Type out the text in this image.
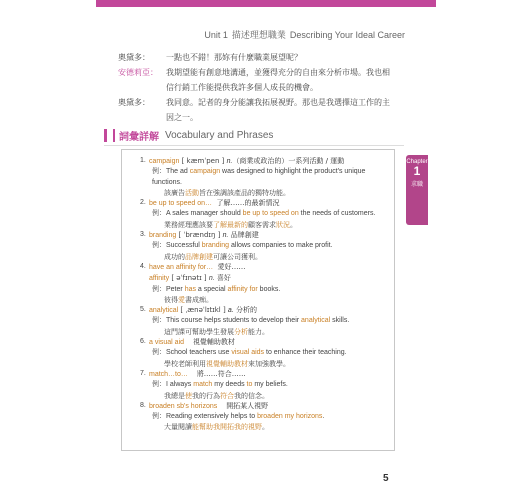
Unit 1 描述理想職業 Describing Your Ideal Career
奧黛多：	一點也不錯！那妳有什麼職業展望呢？
安德莉亞：	我期望能有創意地溝通，並獲得充分的自由來分析市場。我也相
信行銷工作能提供我許多個人成長的機會。
奧黛多：	我同意。記者的身分能讓我拓展視野。那也是我選擇這工作的主
因之一。
詞彙詳解 Vocabulary and Phrases
1. campaign [ kæmˈpen ] n.（商業或政治的）一系列活動 / 運動
例：The ad campaign was designed to highlight the product's unique functions.
該廣告活動旨在強調該產品的獨特功能。
2. be up to speed on… 了解……的最新情況
例：A sales manager should be up to speed on the needs of customers.
業務經理應該要了解最新的顧客需求狀況。
3. branding [ ˈbrændɪŋ ] n. 品牌創建
例：Successful branding allows companies to make profit.
成功的品牌創建可讓公司獲利。
4. have an affinity for… 愛好……
affinity [ əˈfɪnətɪ ] n. 喜好
例：Peter has a special affinity for books.
彼得愛書成痴。
5. analytical [ ˌænəˈlɪtɪkl ] a. 分析的
例：This course helps students to develop their analytical skills.
這門課可幫助學生發展分析能力。
6. a visual aid 視覺輔助教材
例：School teachers use visual aids to enhance their teaching.
學校老師利用視覺輔助教材來加強教學。
7. match…to… 將……符合……
例：I always match my deeds to my beliefs.
我總是使我的行為符合我的信念。
8. broaden sb's horizons 開拓某人視野
例：Reading extensively helps to broaden my horizons.
大量閱讀能幫助我開拓我的視野。
Chapter
1
求職
5
